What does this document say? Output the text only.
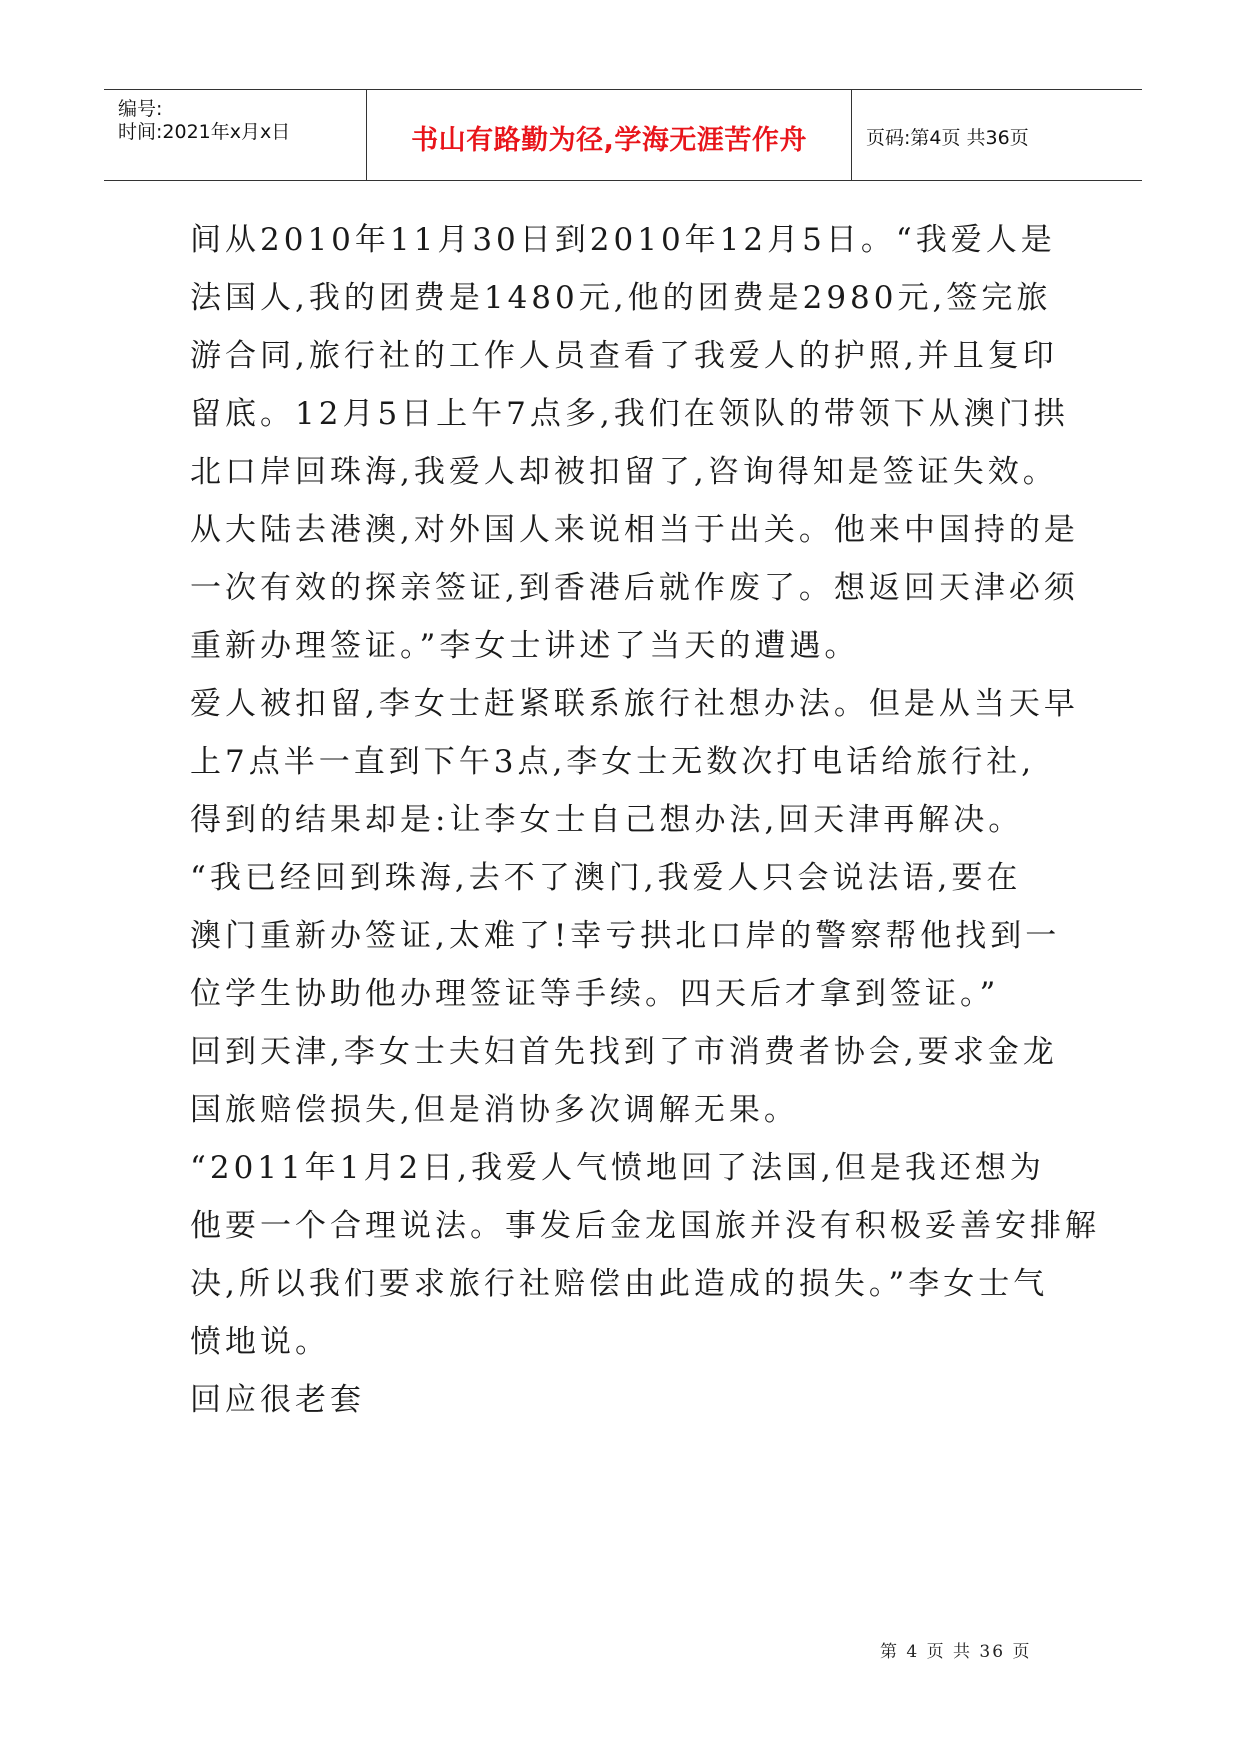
编号:
时间:2021年x月x日	书山有路勤为径,学海无涯苦作舟	页码:第4页 共36页
间从2010年11月30日到2010年12月5日。“我爱人是
法国人,我的团费是1480元,他的团费是2980元,签完旅
游合同,旅行社的工作人员查看了我爱人的护照,并且复印
留底。12月5日上午7点多,我们在领队的带领下从澳门拱
北口岸回珠海,我爱人却被扣留了,咨询得知是签证失效。
从大陆去港澳,对外国人来说相当于出关。他来中国持的是
一次有效的探亲签证,到香港后就作废了。想返回天津必须
重新办理签证。”李女士讲述了当天的遭遇。
爱人被扣留,李女士赶紧联系旅行社想办法。但是从当天早
上7点半一直到下午3点,李女士无数次打电话给旅行社,
得到的结果却是:让李女士自己想办法,回天津再解决。
“我已经回到珠海,去不了澳门,我爱人只会说法语,要在
澳门重新办签证,太难了!幸亏拱北口岸的警察帮他找到一
位学生协助他办理签证等手续。四天后才拿到签证。”
回到天津,李女士夫妇首先找到了市消费者协会,要求金龙
国旅赔偿损失,但是消协多次调解无果。
“2011年1月2日,我爱人气愤地回了法国,但是我还想为
他要一个合理说法。事发后金龙国旅并没有积极妥善安排解
决,所以我们要求旅行社赔偿由此造成的损失。”李女士气
愤地说。
回应很老套
第 4 页 共 36 页
